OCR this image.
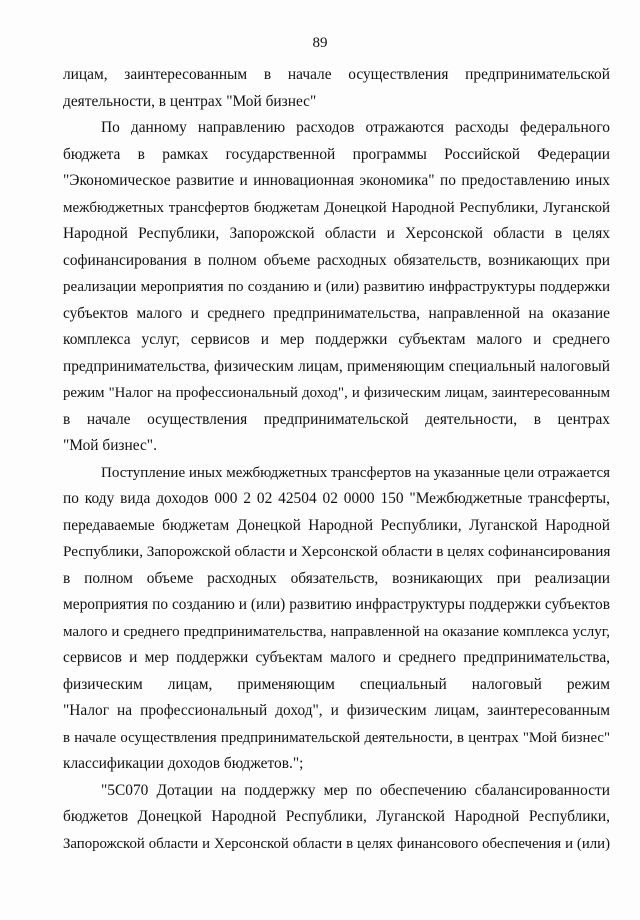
89
лицам, заинтересованным в начале осуществления предпринимательской
деятельности, в центрах "Мой бизнес"
По данному направлению расходов отражаются расходы федерального
бюджета в рамках государственной программы Российской Федерации
"Экономическое развитие и инновационная экономика" по предоставлению иных
межбюджетных трансфертов бюджетам Донецкой Народной Республики, Луганской
Народной Республики, Запорожской области и Херсонской области в целях
софинансирования в полном объеме расходных обязательств, возникающих при
реализации мероприятия по созданию и (или) развитию инфраструктуры поддержки
субъектов малого и среднего предпринимательства, направленной на оказание
комплекса услуг, сервисов и мер поддержки субъектам малого и среднего
предпринимательства, физическим лицам, применяющим специальный налоговый
режим "Налог на профессиональный доход", и физическим лицам, заинтересованным
в начале осуществления предпринимательской деятельности, в центрах
"Мой бизнес".
Поступление иных межбюджетных трансфертов на указанные цели отражается
по коду вида доходов 000 2 02 42504 02 0000 150 "Межбюджетные трансферты,
передаваемые бюджетам Донецкой Народной Республики, Луганской Народной
Республики, Запорожской области и Херсонской области в целях софинансирования
в полном объеме расходных обязательств, возникающих при реализации
мероприятия по созданию и (или) развитию инфраструктуры поддержки субъектов
малого и среднего предпринимательства, направленной на оказание комплекса услуг,
сервисов и мер поддержки субъектам малого и среднего предпринимательства,
физическим лицам, применяющим специальный налоговый режим
"Налог на профессиональный доход", и физическим лицам, заинтересованным
в начале осуществления предпринимательской деятельности, в центрах "Мой бизнес"
классификации доходов бюджетов.";
"5С070 Дотации на поддержку мер по обеспечению сбалансированности
бюджетов Донецкой Народной Республики, Луганской Народной Республики,
Запорожской области и Херсонской области в целях финансового обеспечения и (или)
